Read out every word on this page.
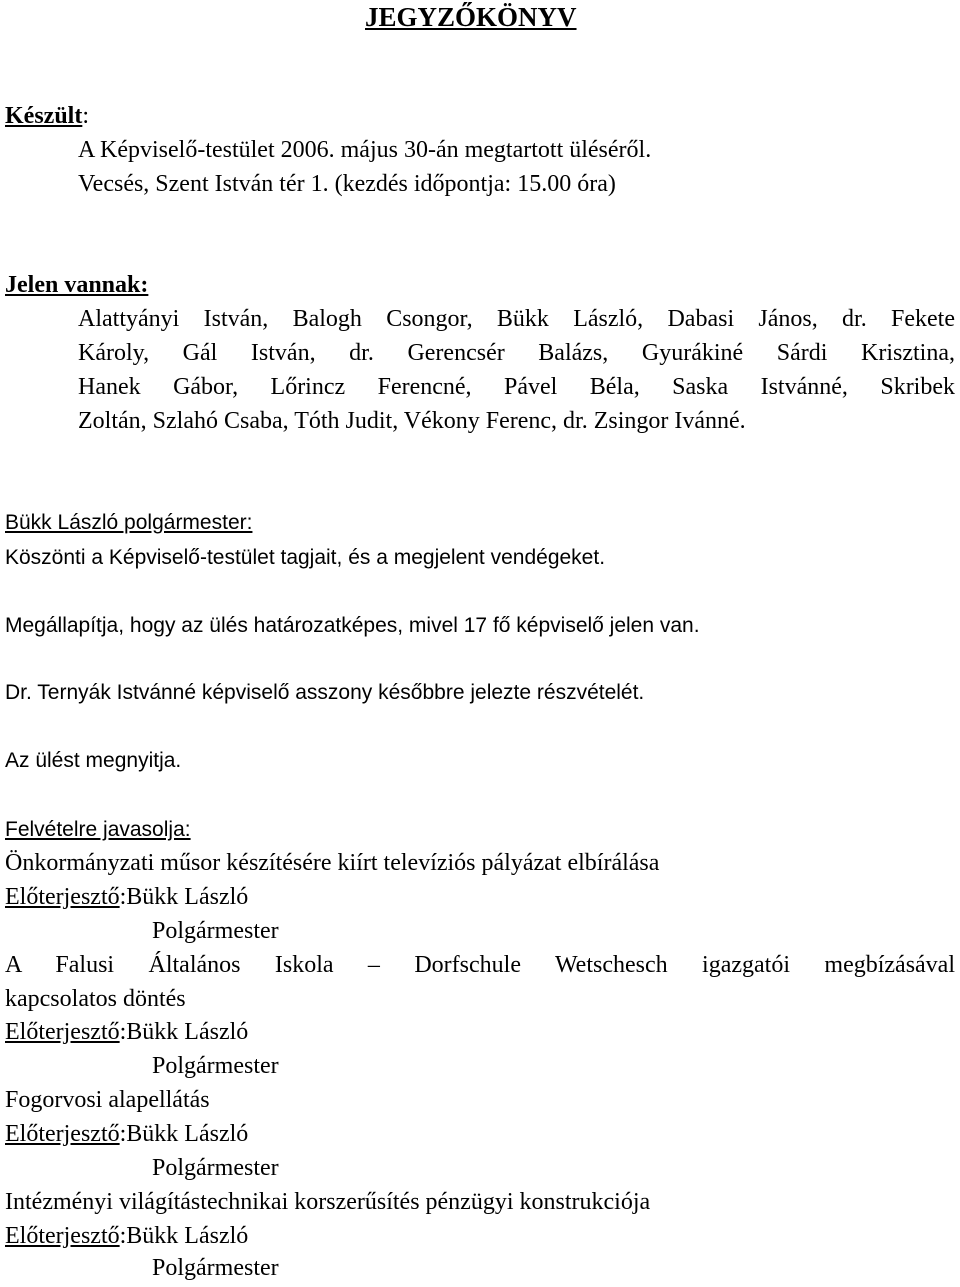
JEGYZŐKÖNYV
Készült:
A Képviselő-testület 2006. május 30-án megtartott üléséről.
Vecsés, Szent István tér 1. (kezdés időpontja: 15.00 óra)
Jelen vannak:
Alattyányi István, Balogh Csongor, Bükk László, Dabasi János, dr. Fekete
Károly, Gál István, dr. Gerencsér Balázs, Gyurákiné Sárdi Krisztina,
Hanek Gábor, Lőrincz Ferencné, Pável Béla, Saska Istvánné, Skribek
Zoltán, Szlahó Csaba, Tóth Judit, Vékony Ferenc, dr. Zsingor Ivánné.
Bükk László polgármester:
Köszönti a Képviselő-testület tagjait, és a megjelent vendégeket.
Megállapítja, hogy az ülés határozatképes, mivel 17 fő képviselő jelen van.
Dr. Ternyák Istvánné képviselő asszony későbbre jelezte részvételét.
Az ülést megnyitja.
Felvételre javasolja:
Önkormányzati műsor készítésére kiírt televíziós pályázat elbírálása
Előterjesztő:Bükk László
Polgármester
A Falusi Általános Iskola – Dorfschule Wetschesch igazgatói megbízásával
kapcsolatos döntés
Előterjesztő:Bükk László
Polgármester
Fogorvosi alapellátás
Előterjesztő:Bükk László
Polgármester
Intézményi világítástechnikai korszerűsítés pénzügyi konstrukciója
Előterjesztő:Bükk László
Polgármester
